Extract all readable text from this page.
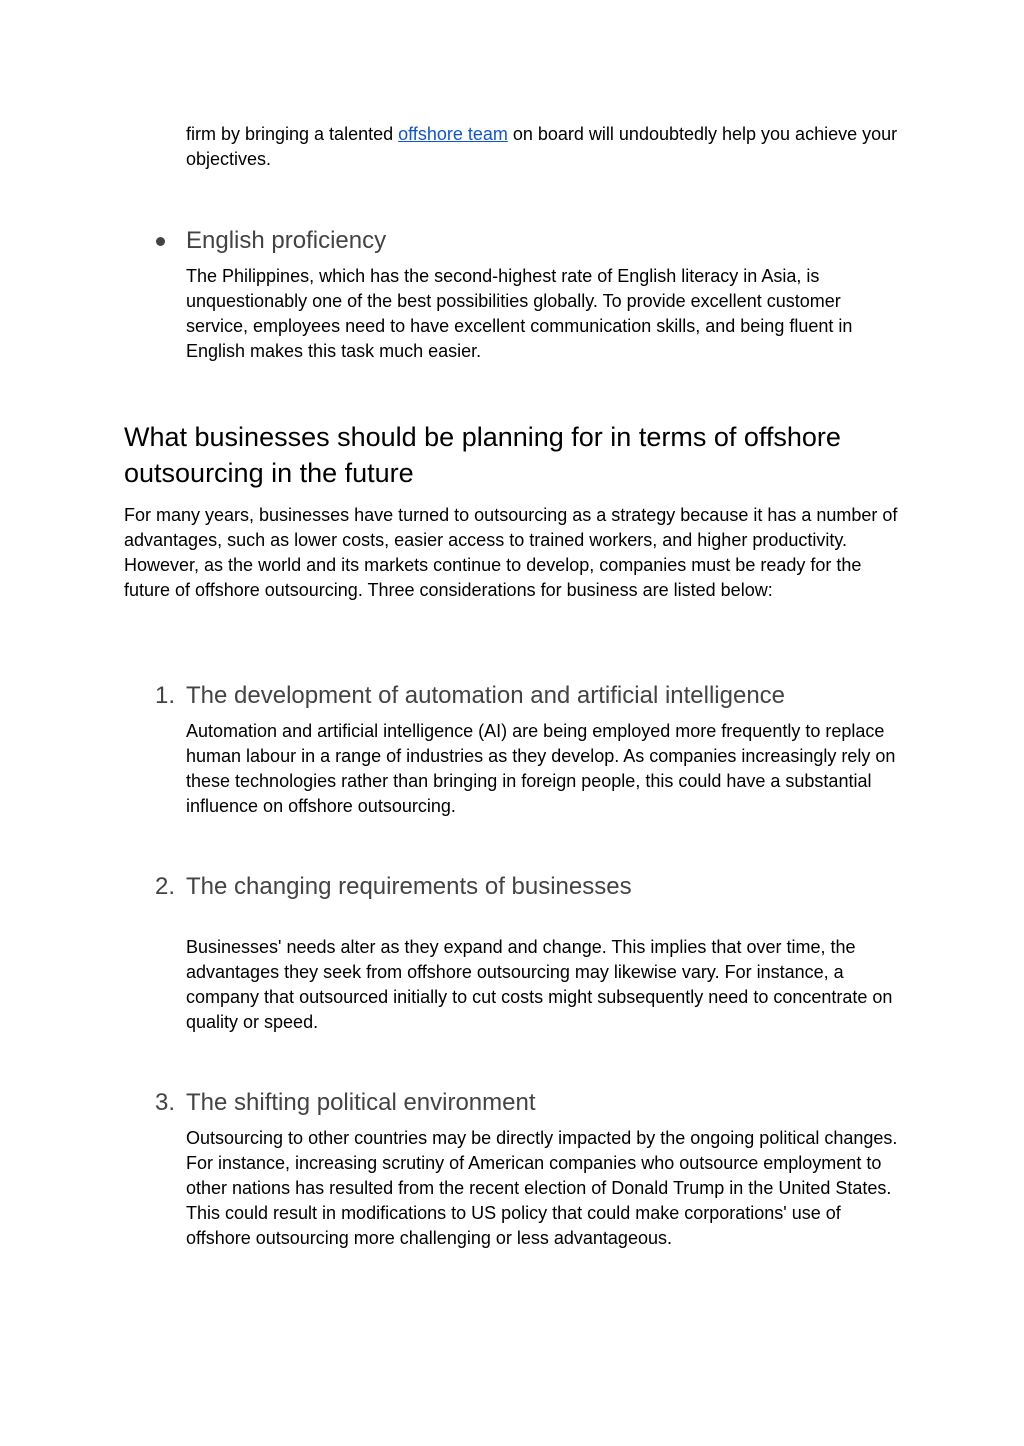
firm by bringing a talented offshore team on board will undoubtedly help you achieve your objectives.

English proficiency

The Philippines, which has the second-highest rate of English literacy in Asia, is unquestionably one of the best possibilities globally. To provide excellent customer service, employees need to have excellent communication skills, and being fluent in English makes this task much easier.

What businesses should be planning for in terms of offshore outsourcing in the future

For many years, businesses have turned to outsourcing as a strategy because it has a number of advantages, such as lower costs, easier access to trained workers, and higher productivity. However, as the world and its markets continue to develop, companies must be ready for the future of offshore outsourcing. Three considerations for business are listed below:

1. The development of automation and artificial intelligence

Automation and artificial intelligence (AI) are being employed more frequently to replace human labour in a range of industries as they develop. As companies increasingly rely on these technologies rather than bringing in foreign people, this could have a substantial influence on offshore outsourcing.

2. The changing requirements of businesses

Businesses' needs alter as they expand and change. This implies that over time, the advantages they seek from offshore outsourcing may likewise vary. For instance, a company that outsourced initially to cut costs might subsequently need to concentrate on quality or speed.

3. The shifting political environment

Outsourcing to other countries may be directly impacted by the ongoing political changes. For instance, increasing scrutiny of American companies who outsource employment to other nations has resulted from the recent election of Donald Trump in the United States. This could result in modifications to US policy that could make corporations' use of offshore outsourcing more challenging or less advantageous.
